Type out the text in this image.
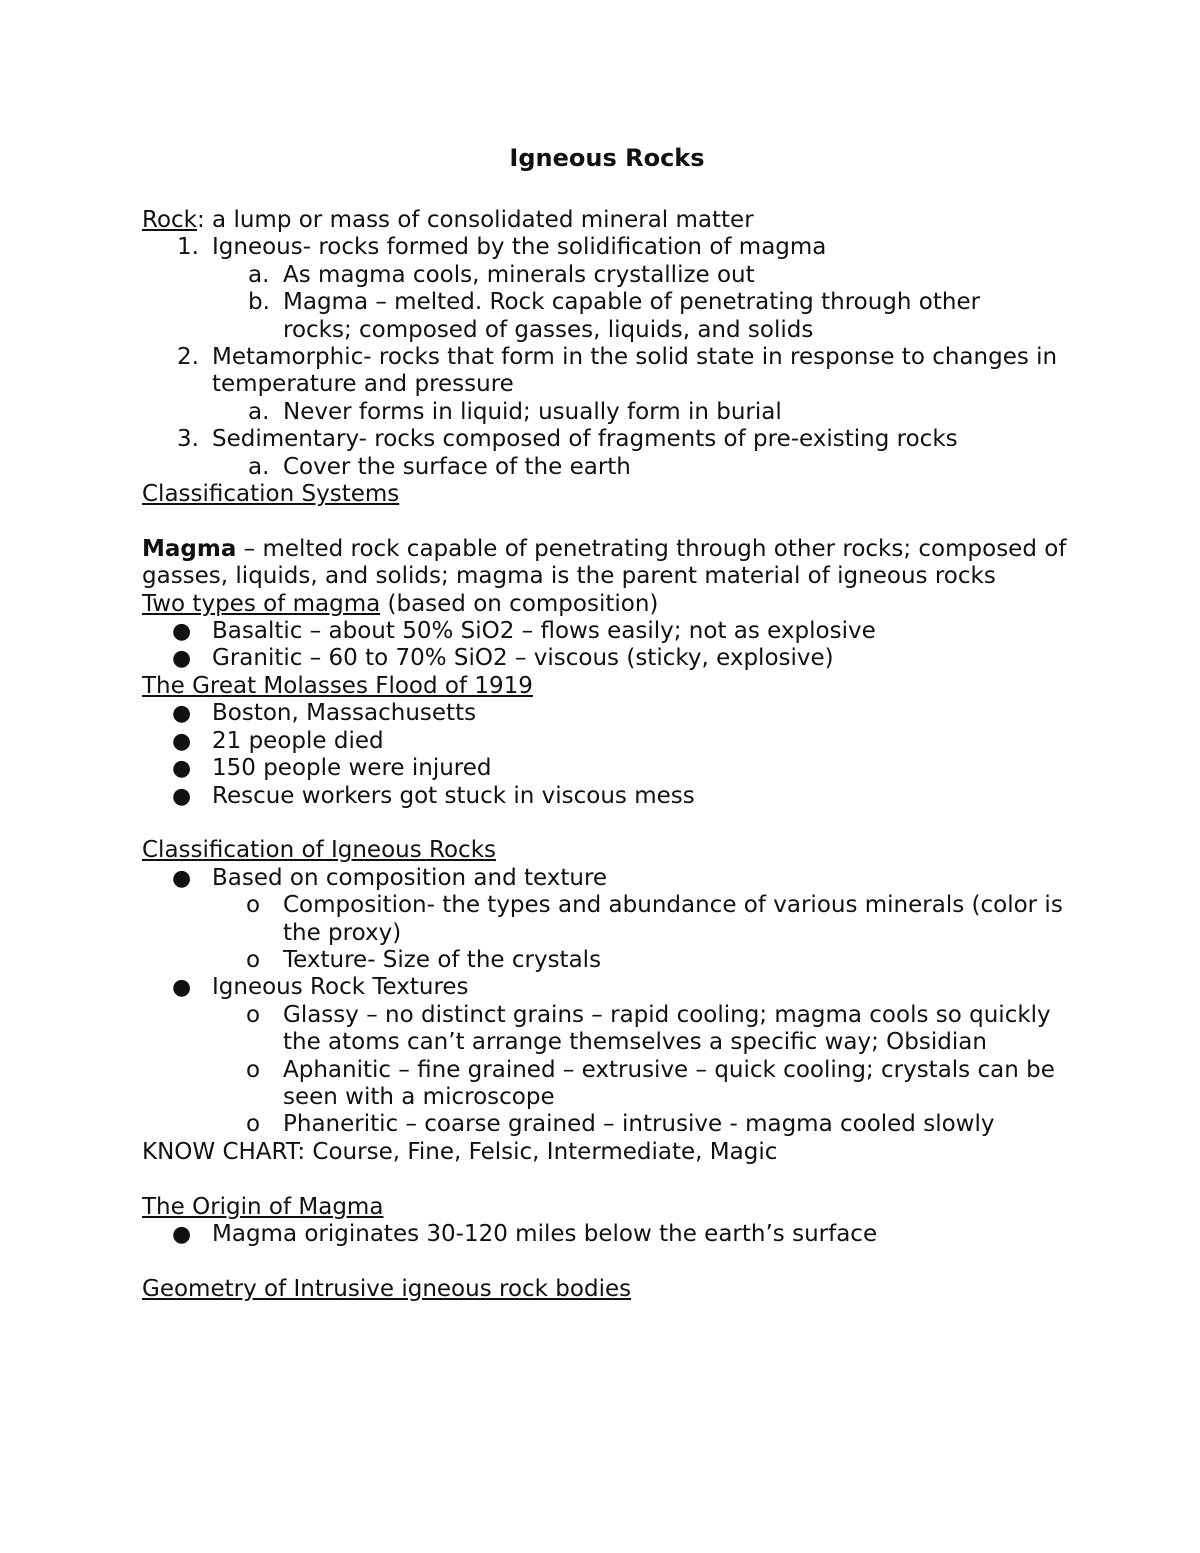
Igneous Rocks
Rock: a lump or mass of consolidated mineral matter
1. Igneous- rocks formed by the solidification of magma
a. As magma cools, minerals crystallize out
b. Magma – melted. Rock capable of penetrating through other rocks; composed of gasses, liquids, and solids
2. Metamorphic- rocks that form in the solid state in response to changes in temperature and pressure
a. Never forms in liquid; usually form in burial
3. Sedimentary- rocks composed of fragments of pre-existing rocks
a. Cover the surface of the earth
Classification Systems
Magma – melted rock capable of penetrating through other rocks; composed of gasses, liquids, and solids; magma is the parent material of igneous rocks
Two types of magma (based on composition)
● Basaltic – about 50% SiO2 – flows easily; not as explosive
● Granitic – 60 to 70% SiO2 – viscous (sticky, explosive)
The Great Molasses Flood of 1919
● Boston, Massachusetts
● 21 people died
● 150 people were injured
● Rescue workers got stuck in viscous mess
Classification of Igneous Rocks
● Based on composition and texture
o Composition- the types and abundance of various minerals (color is the proxy)
o Texture- Size of the crystals
● Igneous Rock Textures
o Glassy – no distinct grains – rapid cooling; magma cools so quickly the atoms can’t arrange themselves a specific way; Obsidian
o Aphanitic – fine grained – extrusive – quick cooling; crystals can be seen with a microscope
o Phaneritic – coarse grained – intrusive - magma cooled slowly
KNOW CHART: Course, Fine, Felsic, Intermediate, Magic
The Origin of Magma
● Magma originates 30-120 miles below the earth’s surface
Geometry of Intrusive igneous rock bodies
